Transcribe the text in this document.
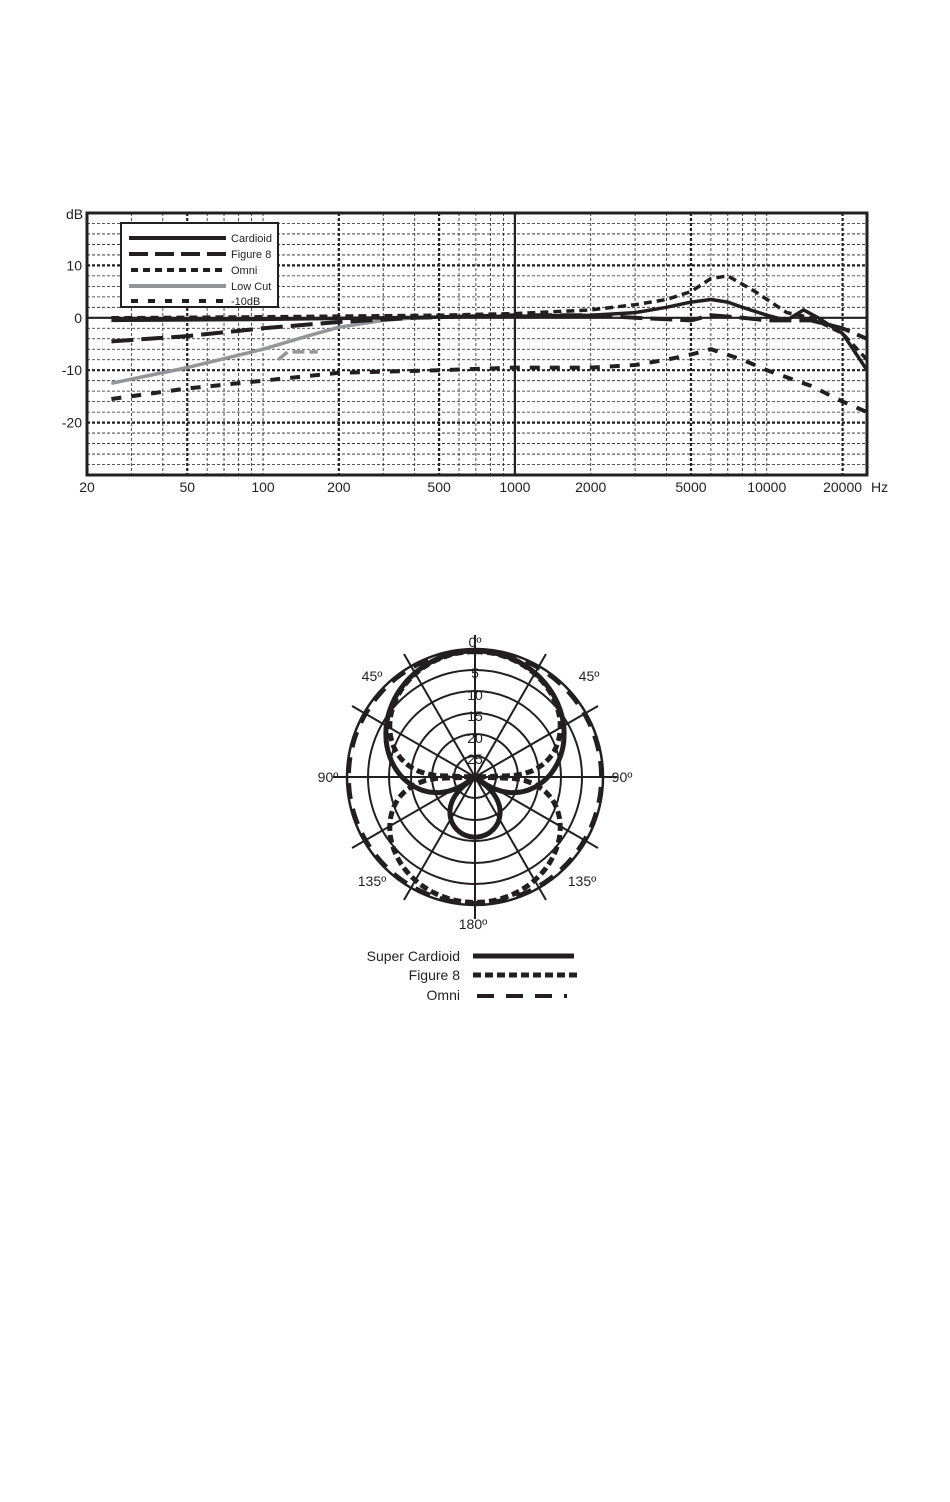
20	50	100	200	500	1000	2000	5000	10000	20000
10
0
-10
-20
dB
Hz
Cardioid
Figure 8
Omni
Low Cut
-10dB
5
10
15
20
25
dB
0º
45º	45º
90º	90º
135º	135º
180º
Super Cardioid
Figure 8
Omni
